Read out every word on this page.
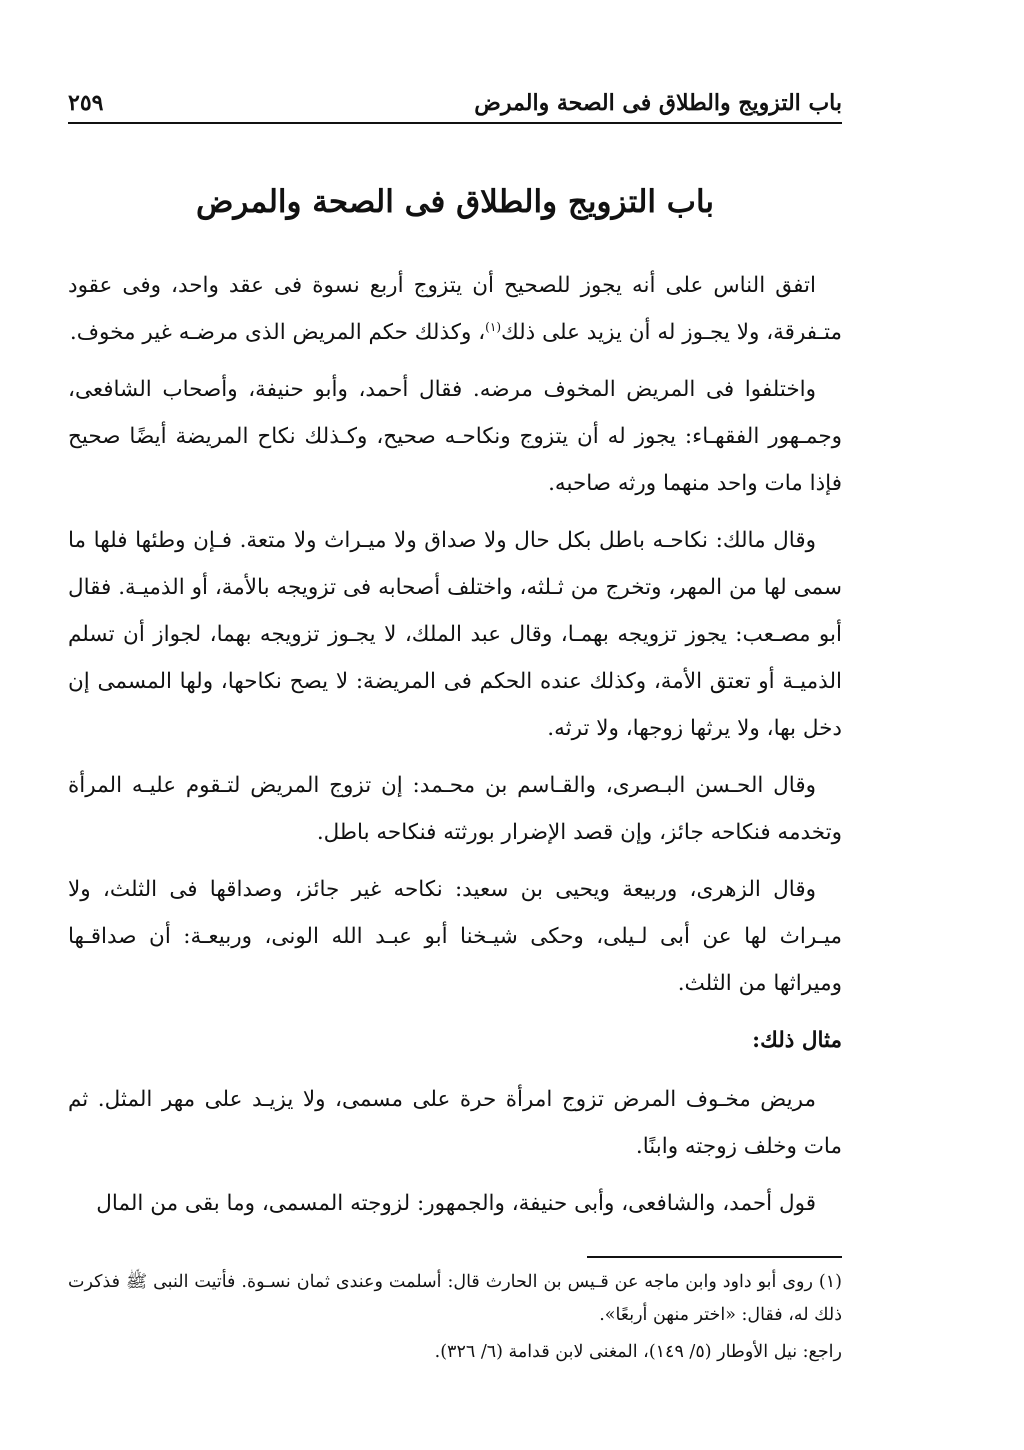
باب التزويج والطلاق فى الصحة والمرض
٢٥٩
باب التزويج والطلاق فى الصحة والمرض

اتفق الناس على أنه يجوز للصحيح أن يتزوج أربع نسوة فى عقد واحد، وفى عقود متـفرقة، ولا يجـوز له أن يزيد على ذلك$^{(١)}$، وكذلك حكم المريض الذى مرضـه غير مخوف.

واختلفوا فى المريض المخوف مرضه. فقال أحمد، وأبو حنيفة، وأصحاب الشافعى، وجمـهور الفقهـاء: يجوز له أن يتزوج ونكاحـه صحيح، وكـذلك نكاح المريضة أيضًا صحيح فإذا مات واحد منهما ورثه صاحبه.

وقال مالك: نكاحـه باطل بكل حال ولا صداق ولا ميـراث ولا متعة. فـإن وطئها فلها ما سمى لها من المهر، وتخرج من ثـلثه، واختلف أصحابه فى تزويجه بالأمة، أو الذميـة. فقال أبو مصـعب: يجوز تزويجه بهمـا، وقال عبد الملك، لا يجـوز تزويجه بهما، لجواز أن تسلم الذميـة أو تعتق الأمة، وكذلك عنده الحكم فى المريضة: لا يصح نكاحها، ولها المسمى إن دخل بها، ولا يرثها زوجها، ولا ترثه.

وقال الحـسن البـصرى، والقـاسم بن محـمد: إن تزوج المريض لتـقوم عليـه المرأة وتخدمه فنكاحه جائز، وإن قصد الإضرار بورثته فنكاحه باطل.

وقال الزهرى، وربيعة ويحيى بن سعيد: نكاحه غير جائز، وصداقها فى الثلث، ولا ميـراث لها عن أبى لـيلى، وحكى شيـخنا أبو عبـد الله الونى، وربيعـة: أن صداقـها وميراثها من الثلث.

مثال ذلك:

مريض مخـوف المرض تزوج امرأة حرة على مسمى، ولا يزيـد على مهر المثل. ثم مات وخلف زوجته وابنًا.

قول أحمد، والشافعى، وأبى حنيفة، والجمهور: لزوجته المسمى، وما بقى من المال

(١) روى أبو داود وابن ماجه عن قـيس بن الحارث قال: أسلمت وعندى ثمان نسـوة. فأتيت النبى ﷺ فذكرت ذلك له، فقال: «اختر منهن أربعًا».

راجع: نيل الأوطار (٥/ ١٤٩)، المغنى لابن قدامة (٦/ ٣٢٦).
